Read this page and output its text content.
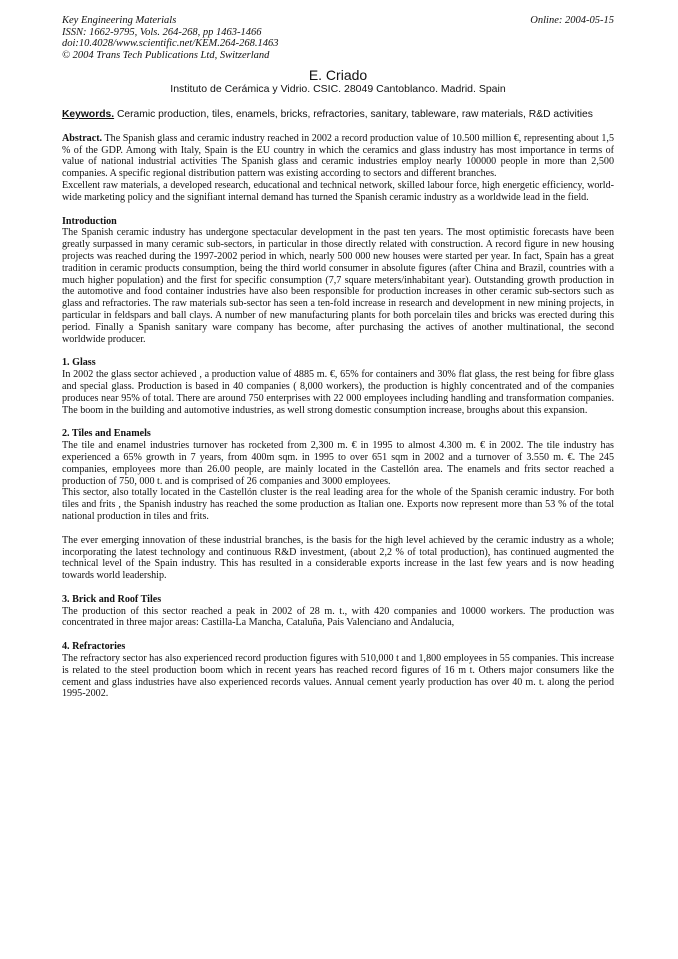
Key Engineering Materials
ISSN: 1662-9795, Vols. 264-268, pp 1463-1466
doi:10.4028/www.scientific.net/KEM.264-268.1463
© 2004 Trans Tech Publications Ltd, Switzerland
Online: 2004-05-15
E. Criado
Instituto de Cerámica y Vidrio. CSIC. 28049 Cantoblanco. Madrid. Spain
Keywords. Ceramic production, tiles, enamels, bricks, refractories, sanitary, tableware, raw materials, R&D activities

Abstract. The Spanish glass and ceramic industry reached in 2002 a record production value of 10.500 million €, representing about 1,5 % of the GDP. Among with Italy, Spain is the EU country in which the ceramics and glass industry has most importance in terms of value of national industrial activities The Spanish glass and ceramic industries employ nearly 100000 people in more than 2,500 companies. A specific regional distribution pattern was existing according to sectors and different branches.

Excellent raw materials, a developed research, educational and technical network, skilled labour force, high energetic efficiency, world-wide marketing policy and the signifiant internal demand has turned the Spanish ceramic industry as a worldwide lead in the field.

Introduction

The Spanish ceramic industry has undergone spectacular development in the past ten years. The most optimistic forecasts have been greatly surpassed in many ceramic sub-sectors, in particular in those directly related with construction. A record figure in new housing projects was reached during the 1997-2002 period in which, nearly 500 000 new houses were started per year. In fact, Spain has a great tradition in ceramic products consumption, being the third world consumer in absolute figures (after China and Brazil, countries with a much higher population) and the first for specific consumption (7,7 square meters/inhabitant year). Outstanding growth production in the automotive and food container industries have also been responsible for production increases in other ceramic sub-sectors such as glass and refractories. The raw materials sub-sector has seen a ten-fold increase in research and development in new mining projects, in particular in feldspars and ball clays. A number of new manufacturing plants for both porcelain tiles and bricks was erected during this period. Finally a Spanish sanitary ware company has become, after purchasing the actives of another multinational, the second worldwide producer.

1. Glass

In 2002 the glass sector achieved , a production value of 4885 m. €, 65% for containers and 30% flat glass, the rest being for fibre glass and special glass. Production is based in 40 companies ( 8,000 workers), the production is highly concentrated and of the companies produces near 95% of total. There are around 750 enterprises with 22 000 employees including handling and transformation companies. The boom in the building and automotive industries, as well strong domestic consumption increase, broughs about this expansion.

2. Tiles and Enamels

The tile and enamel industries turnover has rocketed from 2,300 m. € in 1995 to almost 4.300 m. € in 2002. The tile industry has experienced a 65% growth in 7 years, from 400m sqm. in 1995 to over 651 sqm in 2002 and a turnover of 3.550 m. €. The 245 companies, employees more than 26.00 people, are mainly located in the Castellón area. The enamels and frits sector reached a production of 750, 000 t. and is comprised of 26 companies and 3000 employees.

This sector, also totally located in the Castellón cluster is the real leading area for the whole of the Spanish ceramic industry. For both tiles and frits , the Spanish industry has reached the some production as Italian one. Exports now represent more than 53 % of the total national production in tiles and frits.

The ever emerging innovation of these industrial branches, is the basis for the high level achieved by the ceramic industry as a whole; incorporating the latest technology and continuous R&D investment, (about 2,2 % of total production), has continued augmented the technical level of the Spain industry. This has resulted in a considerable exports increase in the last few years and is now heading towards world leadership.

3. Brick and Roof Tiles

The production of this sector reached a peak in 2002 of 28 m. t., with 420 companies and 10000 workers. The production was concentrated in three major areas: Castilla-La Mancha, Cataluña, Pais Valenciano and Andalucia,

4. Refractories

The refractory sector has also experienced record production figures with 510,000 t and 1,800 employees in 55 companies. This increase is related to the steel production boom which in recent years has reached record figures of 16 m t. Others major consumers like the cement and glass industries have also experienced records values. Annual cement yearly production has over 40 m. t. along the period 1995-2002.
